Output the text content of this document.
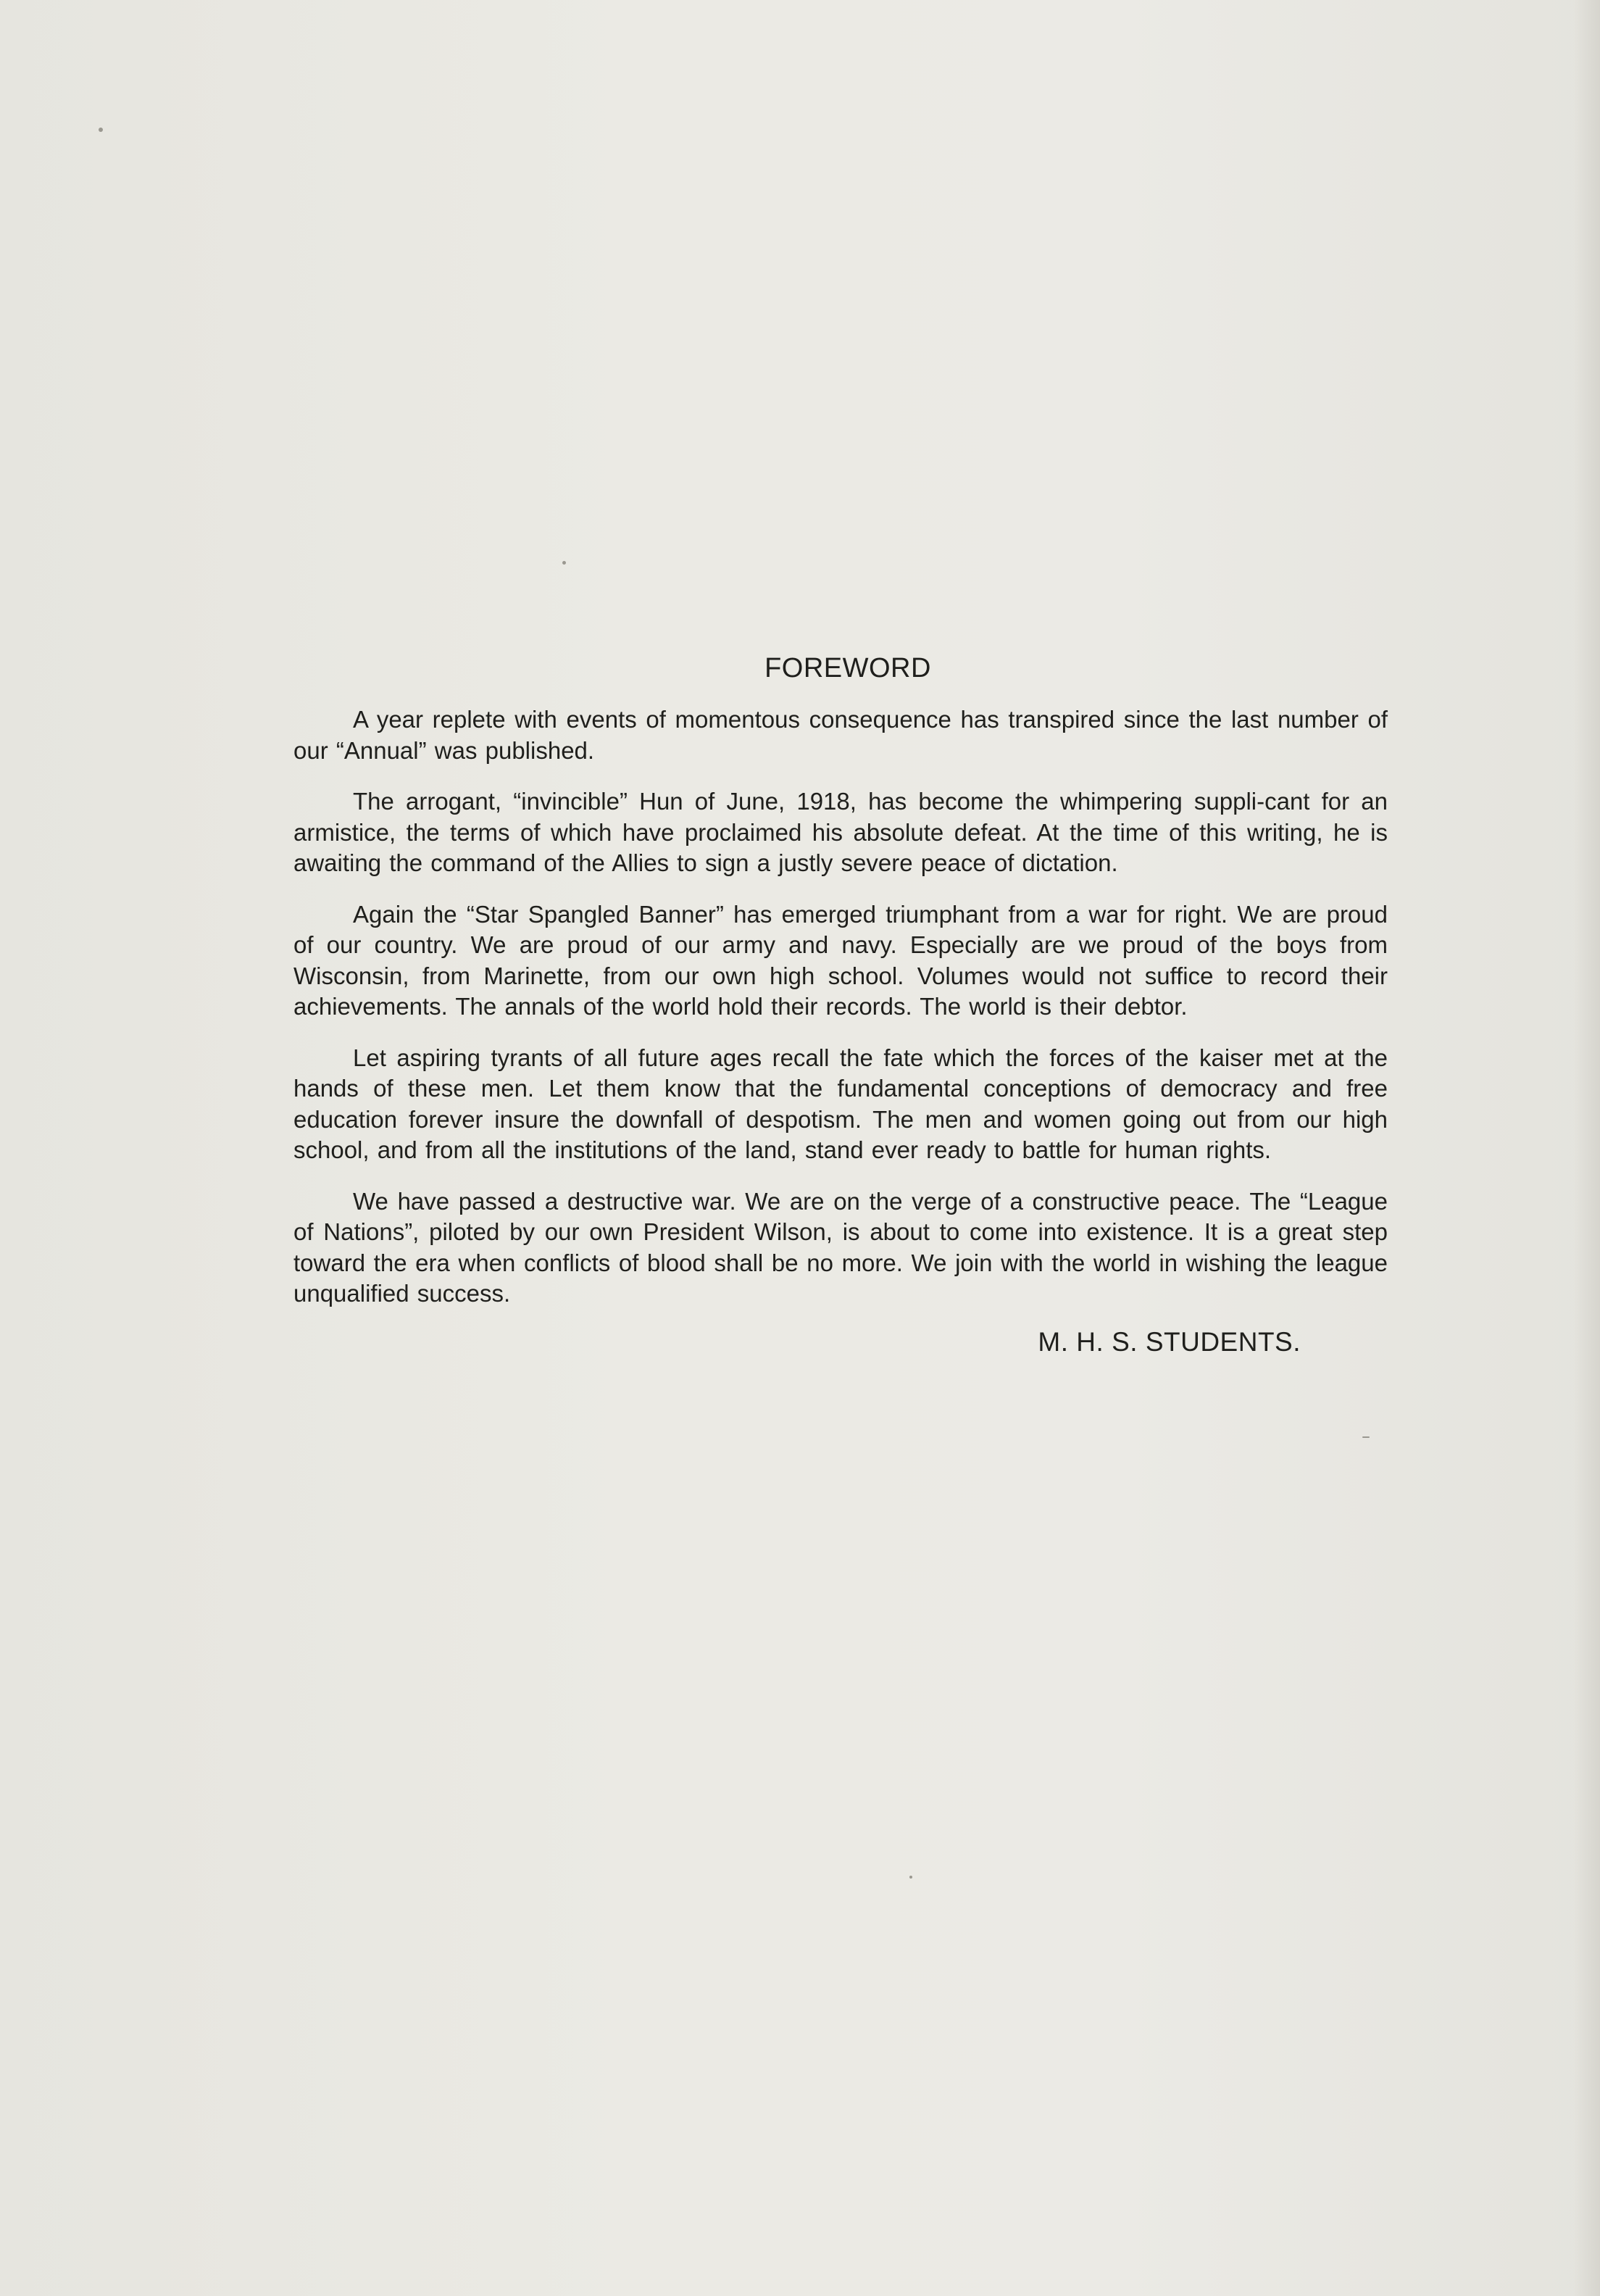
FOREWORD

A year replete with events of momentous consequence has transpired since the last number of our “Annual” was published.

The arrogant, “invincible” Hun of June, 1918, has become the whimpering suppli-cant for an armistice, the terms of which have proclaimed his absolute defeat. At the time of this writing, he is awaiting the command of the Allies to sign a justly severe peace of dictation.

Again the “Star Spangled Banner” has emerged triumphant from a war for right. We are proud of our country. We are proud of our army and navy. Especially are we proud of the boys from Wisconsin, from Marinette, from our own high school. Volumes would not suffice to record their achievements. The annals of the world hold their records. The world is their debtor.

Let aspiring tyrants of all future ages recall the fate which the forces of the kaiser met at the hands of these men. Let them know that the fundamental conceptions of democracy and free education forever insure the downfall of despotism. The men and women going out from our high school, and from all the institutions of the land, stand ever ready to battle for human rights.

We have passed a destructive war. We are on the verge of a constructive peace. The “League of Nations”, piloted by our own President Wilson, is about to come into existence. It is a great step toward the era when conflicts of blood shall be no more. We join with the world in wishing the league unqualified success.

M. H. S. STUDENTS.
